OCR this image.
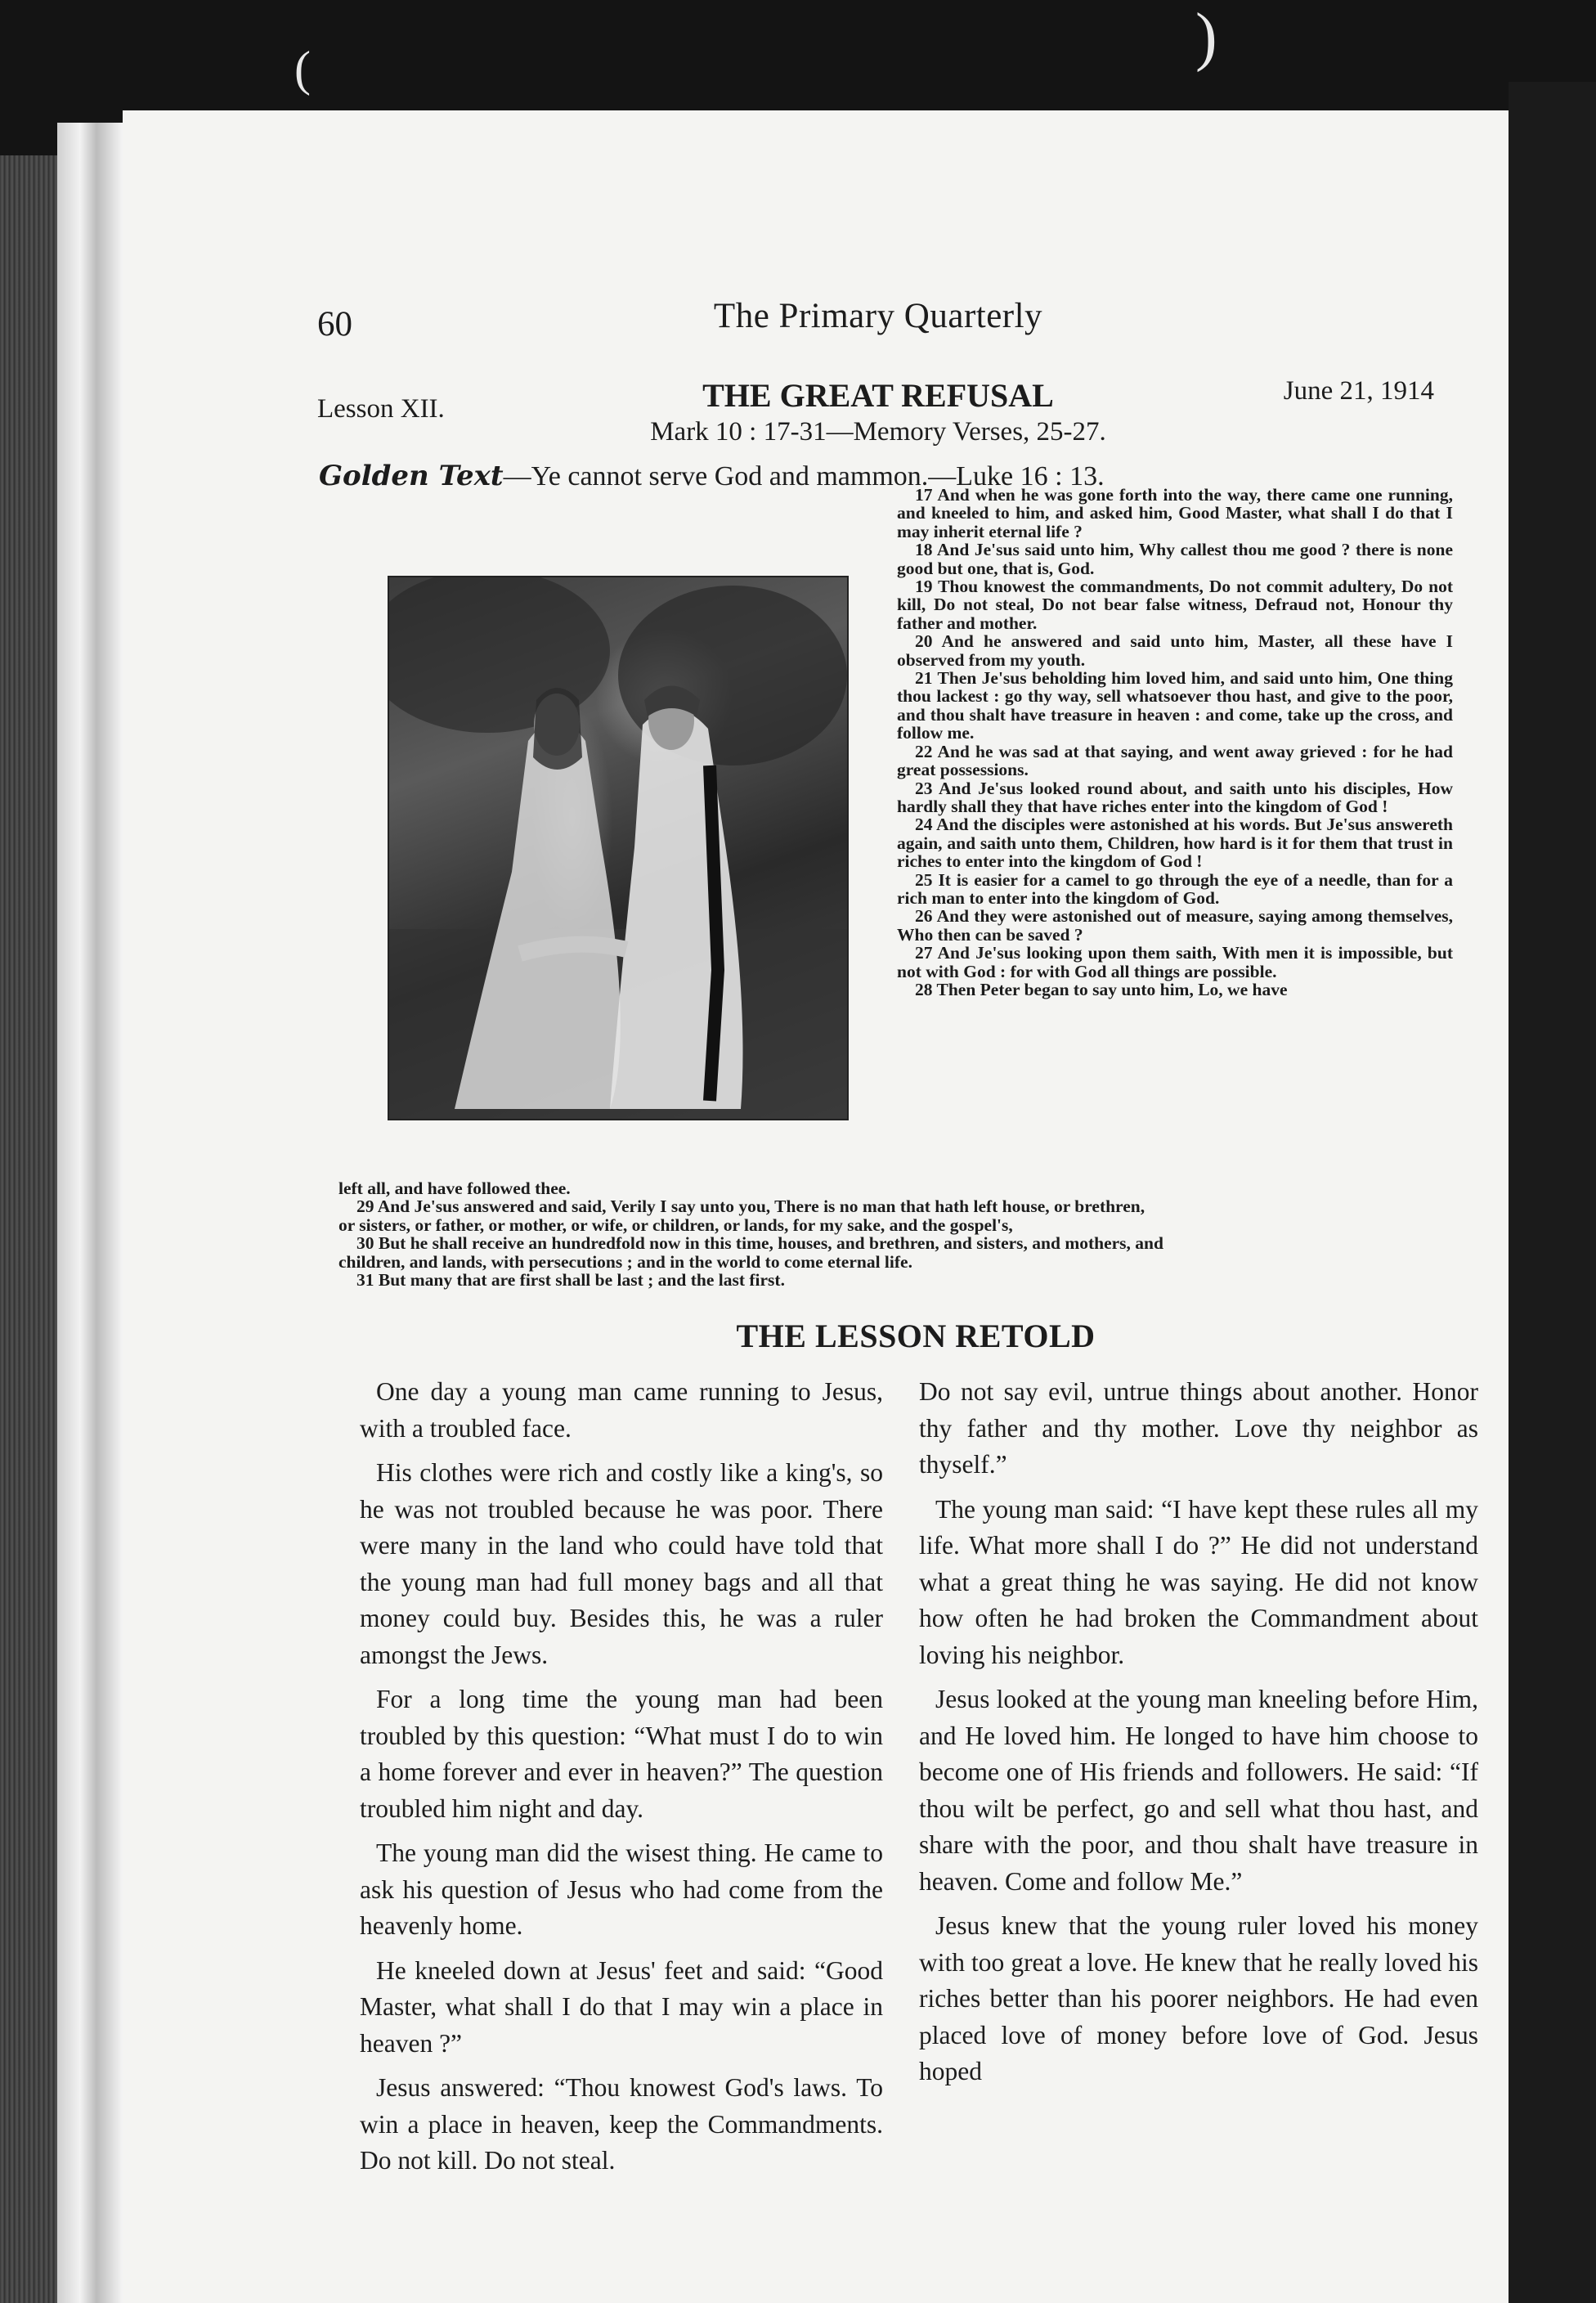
(	)
60	The Primary Quarterly
Lesson XII.	THE GREAT REFUSAL	June 21, 1914
Mark 10 : 17-31—Memory Verses, 25-27.
Golden Text—Ye cannot serve God and mammon.—Luke 16 : 13.

17 And when he was gone forth into the way, there came one running, and kneeled to him, and asked him, Good Master, what shall I do that I may inherit eternal life ?

18 And Je'sus said unto him, Why callest thou me good ? there is none good but one, that is, God.

19 Thou knowest the commandments, Do not commit adultery, Do not kill, Do not steal, Do not bear false witness, Defraud not, Honour thy father and mother.

20 And he answered and said unto him, Master, all these have I observed from my youth.

21 Then Je'sus beholding him loved him, and said unto him, One thing thou lackest : go thy way, sell whatsoever thou hast, and give to the poor, and thou shalt have treasure in heaven : and come, take up the cross, and follow me.

22 And he was sad at that saying, and went away grieved : for he had great possessions.

23 And Je'sus looked round about, and saith unto his disciples, How hardly shall they that have riches enter into the kingdom of God !

24 And the disciples were astonished at his words. But Je'sus answereth again, and saith unto them, Children, how hard is it for them that trust in riches to enter into the kingdom of God !

25 It is easier for a camel to go through the eye of a needle, than for a rich man to enter into the kingdom of God.

26 And they were astonished out of measure, saying among themselves, Who then can be saved ?

27 And Je'sus looking upon them saith, With men it is impossible, but not with God : for with God all things are possible.

28 Then Peter began to say unto him, Lo, we have

left all, and have followed thee.

29 And Je'sus answered and said, Verily I say unto you, There is no man that hath left house, or brethren,

or sisters, or father, or mother, or wife, or children, or lands, for my sake, and the gospel's,

30 But he shall receive an hundredfold now in this time, houses, and brethren, and sisters, and mothers, and

children, and lands, with persecutions ; and in the world to come eternal life.

31 But many that are first shall be last ; and the last first.

THE LESSON RETOLD

One day a young man came running to Jesus, with a troubled face.

His clothes were rich and costly like a king's, so he was not troubled because he was poor. There were many in the land who could have told that the young man had full money bags and all that money could buy. Besides this, he was a ruler amongst the Jews.

For a long time the young man had been troubled by this question: “What must I do to win a home forever and ever in heaven?” The question troubled him night and day.

The young man did the wisest thing. He came to ask his question of Jesus who had come from the heavenly home.

He kneeled down at Jesus' feet and said: “Good Master, what shall I do that I may win a place in heaven ?”

Jesus answered: “Thou knowest God's laws. To win a place in heaven, keep the Commandments. Do not kill. Do not steal.

Do not say evil, untrue things about another. Honor thy father and thy mother. Love thy neighbor as thyself.”

The young man said: “I have kept these rules all my life. What more shall I do ?” He did not understand what a great thing he was saying. He did not know how often he had broken the Commandment about loving his neighbor.

Jesus looked at the young man kneeling before Him, and He loved him. He longed to have him choose to become one of His friends and followers. He said: “If thou wilt be perfect, go and sell what thou hast, and share with the poor, and thou shalt have treasure in heaven. Come and follow Me.”

Jesus knew that the young ruler loved his money with too great a love. He knew that he really loved his riches better than his poorer neighbors. He had even placed love of money before love of God. Jesus hoped
